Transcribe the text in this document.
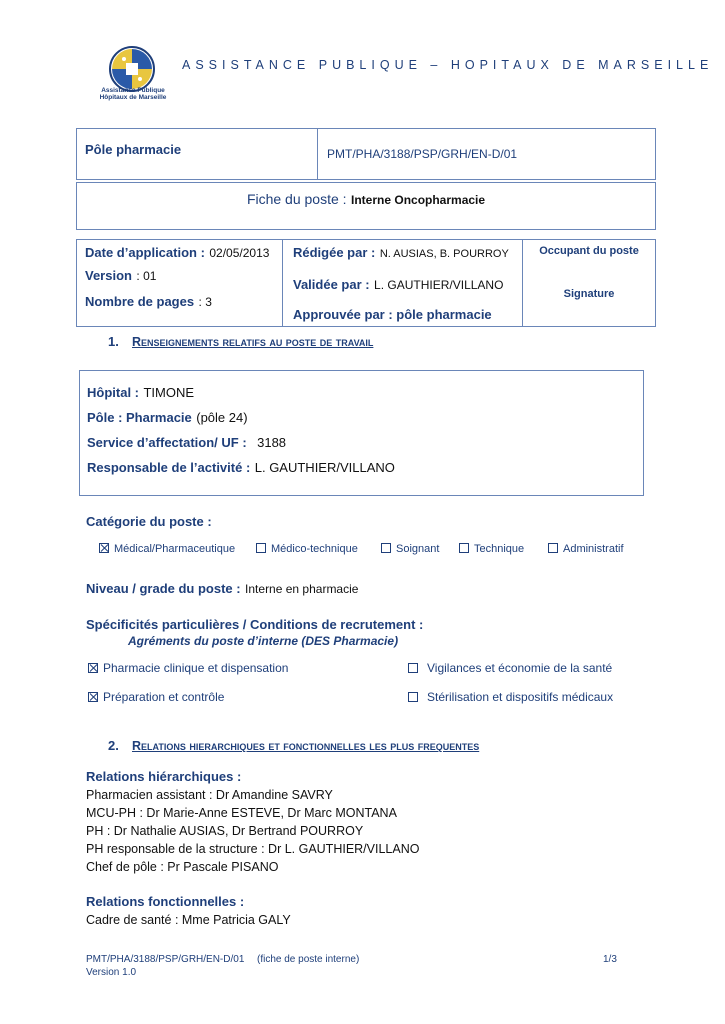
Assistance Publique
Hôpitaux de Marseille
ASSISTANCE PUBLIQUE – HOPITAUX DE MARSEILLE
Pôle pharmacie	PMT/PHA/3188/PSP/GRH/EN-D/01
Fiche du poste : Interne Oncopharmacie
Date d’application : 02/05/2013
Version : 01
Nombre de pages : 3
Rédigée par : N. AUSIAS, B. POURROY
Validée par : L. GAUTHIER/VILLANO
Approuvée par : pôle pharmacie
Occupant du poste
Signature
1. Renseignements relatifs au poste de travail
Hôpital : TIMONE
Pôle : Pharmacie (pôle 24)
Service d’affectation/ UF : 3188
Responsable de l’activité : L. GAUTHIER/VILLANO
Catégorie du poste :
Médical/Pharmaceutique	Médico-technique	Soignant	Technique	Administratif
Niveau / grade du poste : Interne en pharmacie
Spécificités particulières / Conditions de recrutement :
Agréments du poste d’interne (DES Pharmacie)
Pharmacie clinique et dispensation	Vigilances et économie de la santé
Préparation et contrôle	Stérilisation et dispositifs médicaux
2. Relations hierarchiques et fonctionnelles les plus frequentes
Relations hiérarchiques :
Pharmacien assistant : Dr Amandine SAVRY
MCU-PH : Dr Marie-Anne ESTEVE, Dr Marc MONTANA
PH : Dr Nathalie AUSIAS, Dr Bertrand POURROY
PH responsable de la structure : Dr L. GAUTHIER/VILLANO
Chef de pôle : Pr Pascale PISANO
Relations fonctionnelles :
Cadre de santé : Mme Patricia GALY
PMT/PHA/3188/PSP/GRH/EN-D/01 (fiche de poste interne)	1/3
Version 1.0
